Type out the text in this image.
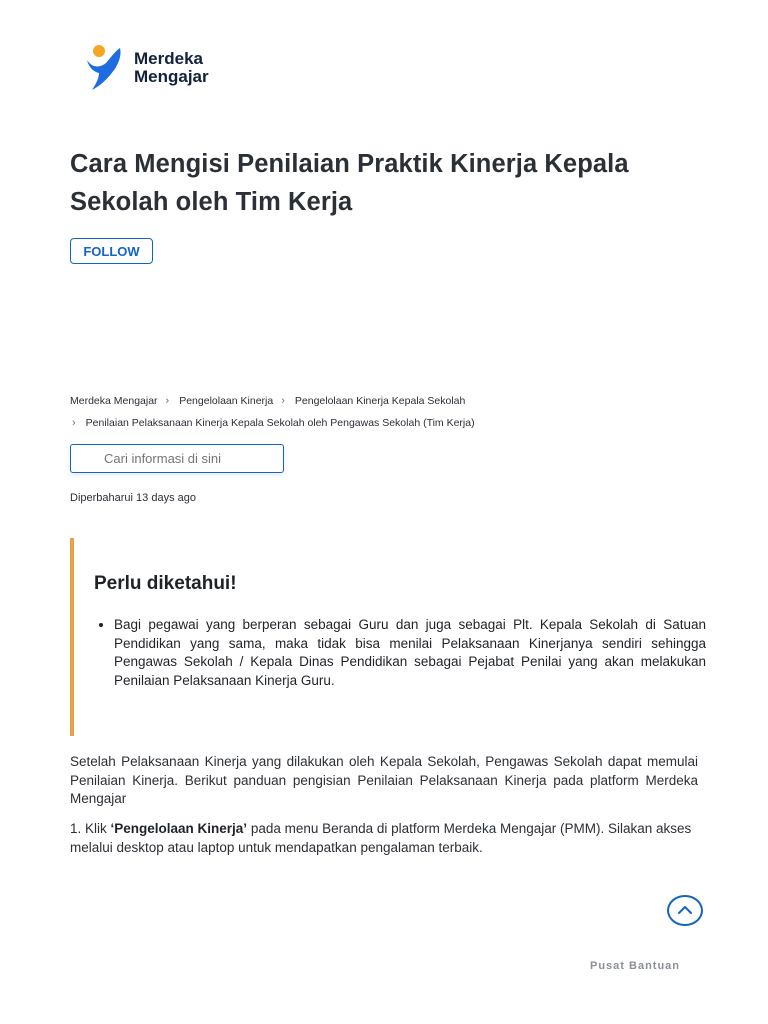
Merdeka
Mengajar
Cara Mengisi Penilaian Praktik Kinerja Kepala Sekolah oleh Tim Kerja
FOLLOW
Merdeka Mengajar › Pengelolaan Kinerja › Pengelolaan Kinerja Kepala Sekolah
› Penilaian Pelaksanaan Kinerja Kepala Sekolah oleh Pengawas Sekolah (Tim Kerja)
Cari informasi di sini
Diperbaharui 13 days ago
Perlu diketahui!
• Bagi pegawai yang berperan sebagai Guru dan juga sebagai Plt. Kepala Sekolah di Satuan Pendidikan yang sama, maka tidak bisa menilai Pelaksanaan Kinerjanya sendiri sehingga Pengawas Sekolah / Kepala Dinas Pendidikan sebagai Pejabat Penilai yang akan melakukan Penilaian Pelaksanaan Kinerja Guru.

Setelah Pelaksanaan Kinerja yang dilakukan oleh Kepala Sekolah, Pengawas Sekolah dapat memulai Penilaian Kinerja. Berikut panduan pengisian Penilaian Pelaksanaan Kinerja pada platform Merdeka Mengajar

1. Klik ‘Pengelolaan Kinerja’ pada menu Beranda di platform Merdeka Mengajar (PMM). Silakan akses melalui desktop atau laptop untuk mendapatkan pengalaman terbaik.

Pusat Bantuan
